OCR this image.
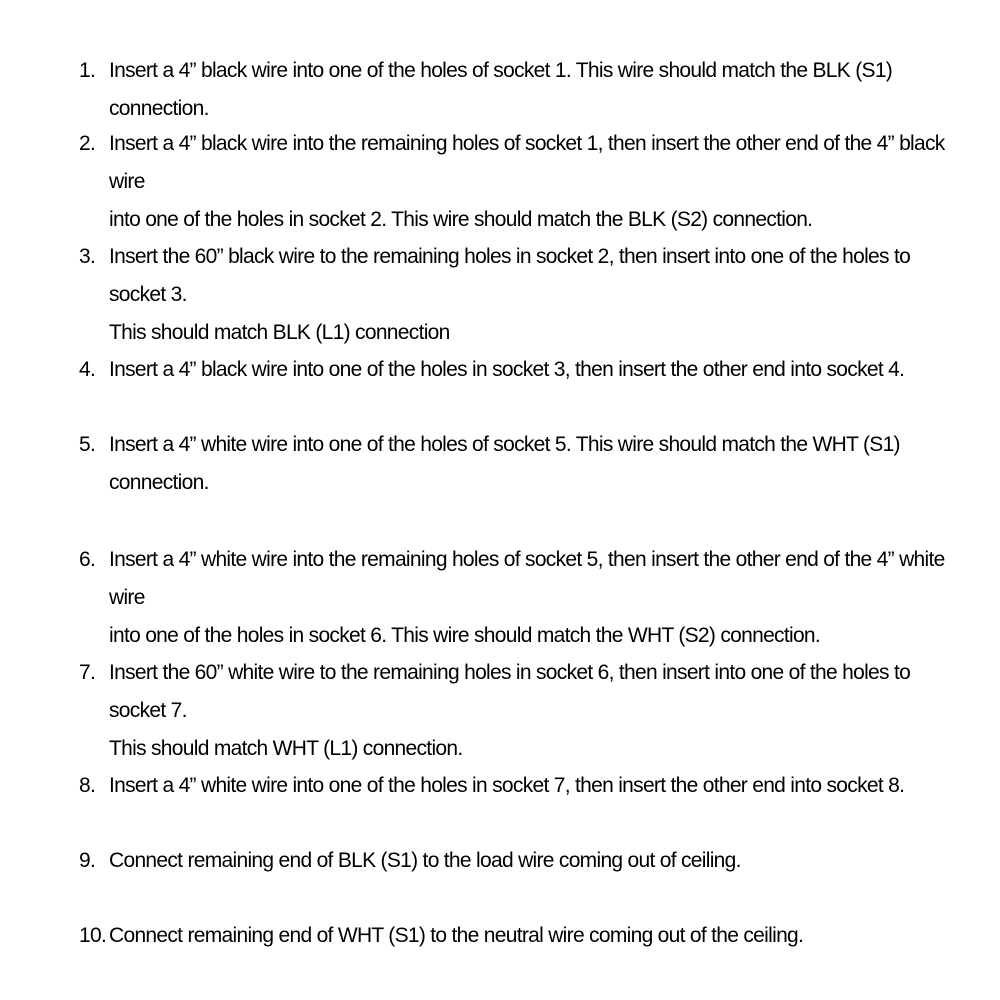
1. Insert a 4” black wire into one of the holes of socket 1. This wire should match the BLK (S1) connection.
2. Insert a 4” black wire into the remaining holes of socket 1, then insert the other end of the 4” black wire
into one of the holes in socket 2. This wire should match the BLK (S2) connection.
3. Insert the 60” black wire to the remaining holes in socket 2, then insert into one of the holes to socket 3.
This should match BLK (L1) connection
4. Insert a 4” black wire into one of the holes in socket 3, then insert the other end into socket 4.
5. Insert a 4” white wire into one of the holes of socket 5. This wire should match the WHT (S1)
connection.
6. Insert a 4” white wire into the remaining holes of socket 5, then insert the other end of the 4” white wire
into one of the holes in socket 6. This wire should match the WHT (S2) connection.
7. Insert the 60” white wire to the remaining holes in socket 6, then insert into one of the holes to socket 7.
This should match WHT (L1) connection.
8. Insert a 4” white wire into one of the holes in socket 7, then insert the other end into socket 8.
9. Connect remaining end of BLK (S1) to the load wire coming out of ceiling.
10. Connect remaining end of WHT (S1) to the neutral wire coming out of the ceiling.
